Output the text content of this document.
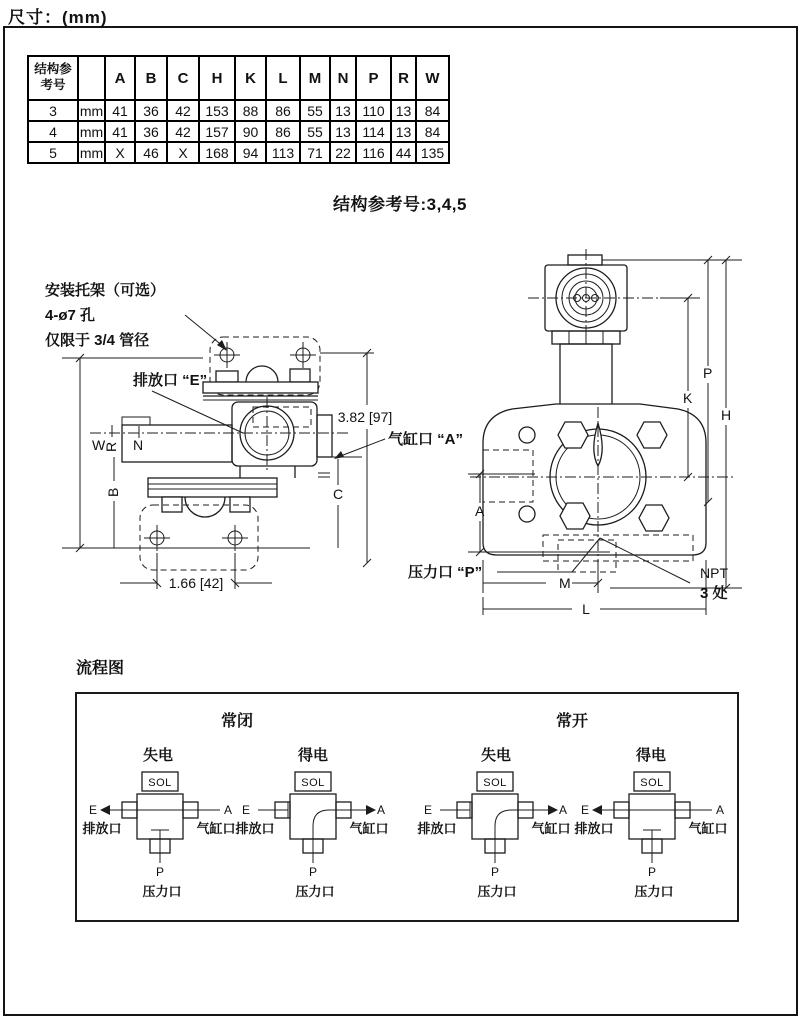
尺寸：(mm)
结构参
考号		A	B	C	H	K	L	M	N	P	R	W
3	mm	41	36	42	153	88	86	55	13	110	13	84
4	mm	41	36	42	157	90	86	55	13	114	13	84
5	mm	X	46	X	168	94	113	71	22	116	44	135
结构参考号:3,4,5
安装托架（可选）
4-ø7 孔
仅限于 3/4 管径
1.66 [42]
W
R N
B	C
3.82 [97]
排放口 “E”
气缸口 “A”
K
P
H
A
M
L
压力口 “P”	NPT
3 处
流程图
常闭	常开
失电	得电	失电	得电
SOL
E	A
P
排放口	气缸口
压力口
SOL
E	A
P
排放口	气缸口
压力口
SOL
E	A
P
排放口	气缸口
压力口
SOL
E	A
P
排放口	气缸口
压力口
